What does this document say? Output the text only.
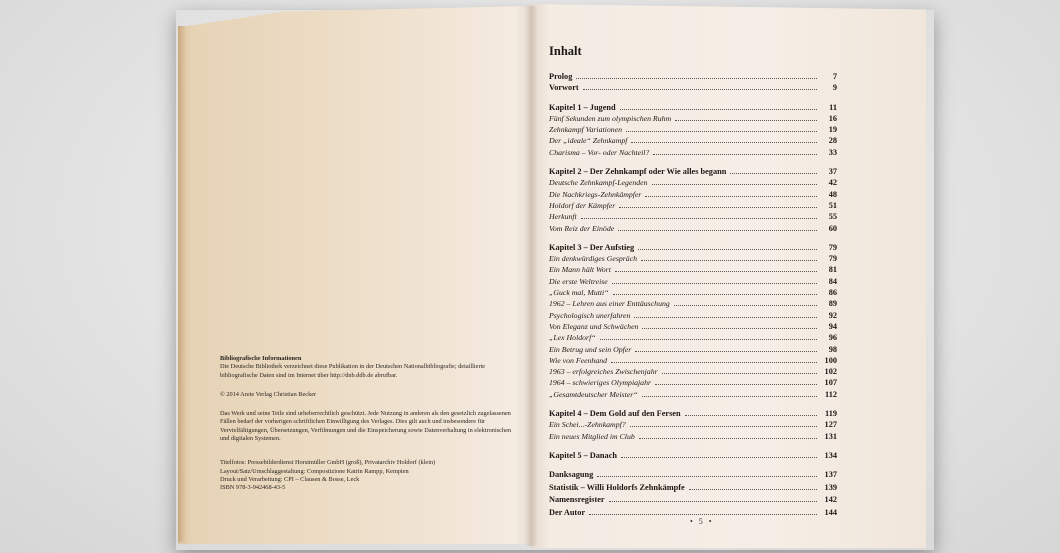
Bibliografische Informationen
Die Deutsche Bibliothek verzeichnet diese Publikation in der Deutschen Nationalbibliografie; detaillierte bibliografische Daten sind im Internet über http://dnb.ddb.de abrufbar.

© 2014 Arete Verlag Christian Becker

Das Werk und seine Teile sind urheberrechtlich geschützt. Jede Nutzung in anderen als den gesetzlich zugelassenen Fällen bedarf der vorherigen schriftlichen Einwilligung des Verlages. Dies gilt auch und insbesondere für Vervielfältigungen, Übersetzungen, Verfilmungen und die Einspeicherung sowie Datenverhaltung in elektronischen und digitalen Systemen.

Titelfotos: Pressebilderdienst Horstmüller GmbH (groß), Privatarchiv Holdorf (klein)
Layout/Satz/Umschlaggestaltung: Compostizione Katrin Rampp, Kempten
Druck und Verarbeitung: CPI – Clausen & Bosse, Leck
ISBN 978-3-942468-43-5
Inhalt
Prolog	7
Vorwort	9
Kapitel 1 – Jugend	11
Fünf Sekunden zum olympischen Ruhm	16
Zehnkampf Variationen	19
Der „ideale“ Zehnkampf	28
Charisma – Vor- oder Nachteil?	33
Kapitel 2 – Der Zehnkampf oder Wie alles begann	37
Deutsche Zehnkampf-Legenden	42
Die Nachkriegs-Zehnkämpfer	48
Holdorf der Kämpfer	51
Herkunft	55
Vom Reiz der Einöde	60
Kapitel 3 – Der Aufstieg	79
Ein denkwürdiges Gespräch	79
Ein Mann hält Wort	81
Die erste Weltreise	84
„Guck mal, Mutti“	86
1962 – Lehren aus einer Enttäuschung	89
Psychologisch unerfahren	92
Von Eleganz und Schwächen	94
„Lex Holdorf“	96
Ein Betrug und sein Opfer	98
Wie von Feenhand	100
1963 – erfolgreiches Zwischenjahr	102
1964 – schwieriges Olympiajahr	107
„Gesamtdeutscher Meister“	112
Kapitel 4 – Dem Gold auf den Fersen	119
Ein Schei...-Zehnkampf?	127
Ein neues Mitglied im Club	131
Kapitel 5 – Danach	134
Danksagung	137
Statistik – Willi Holdorfs Zehnkämpfe	139
Namensregister	142
Der Autor	144
• 5 •
